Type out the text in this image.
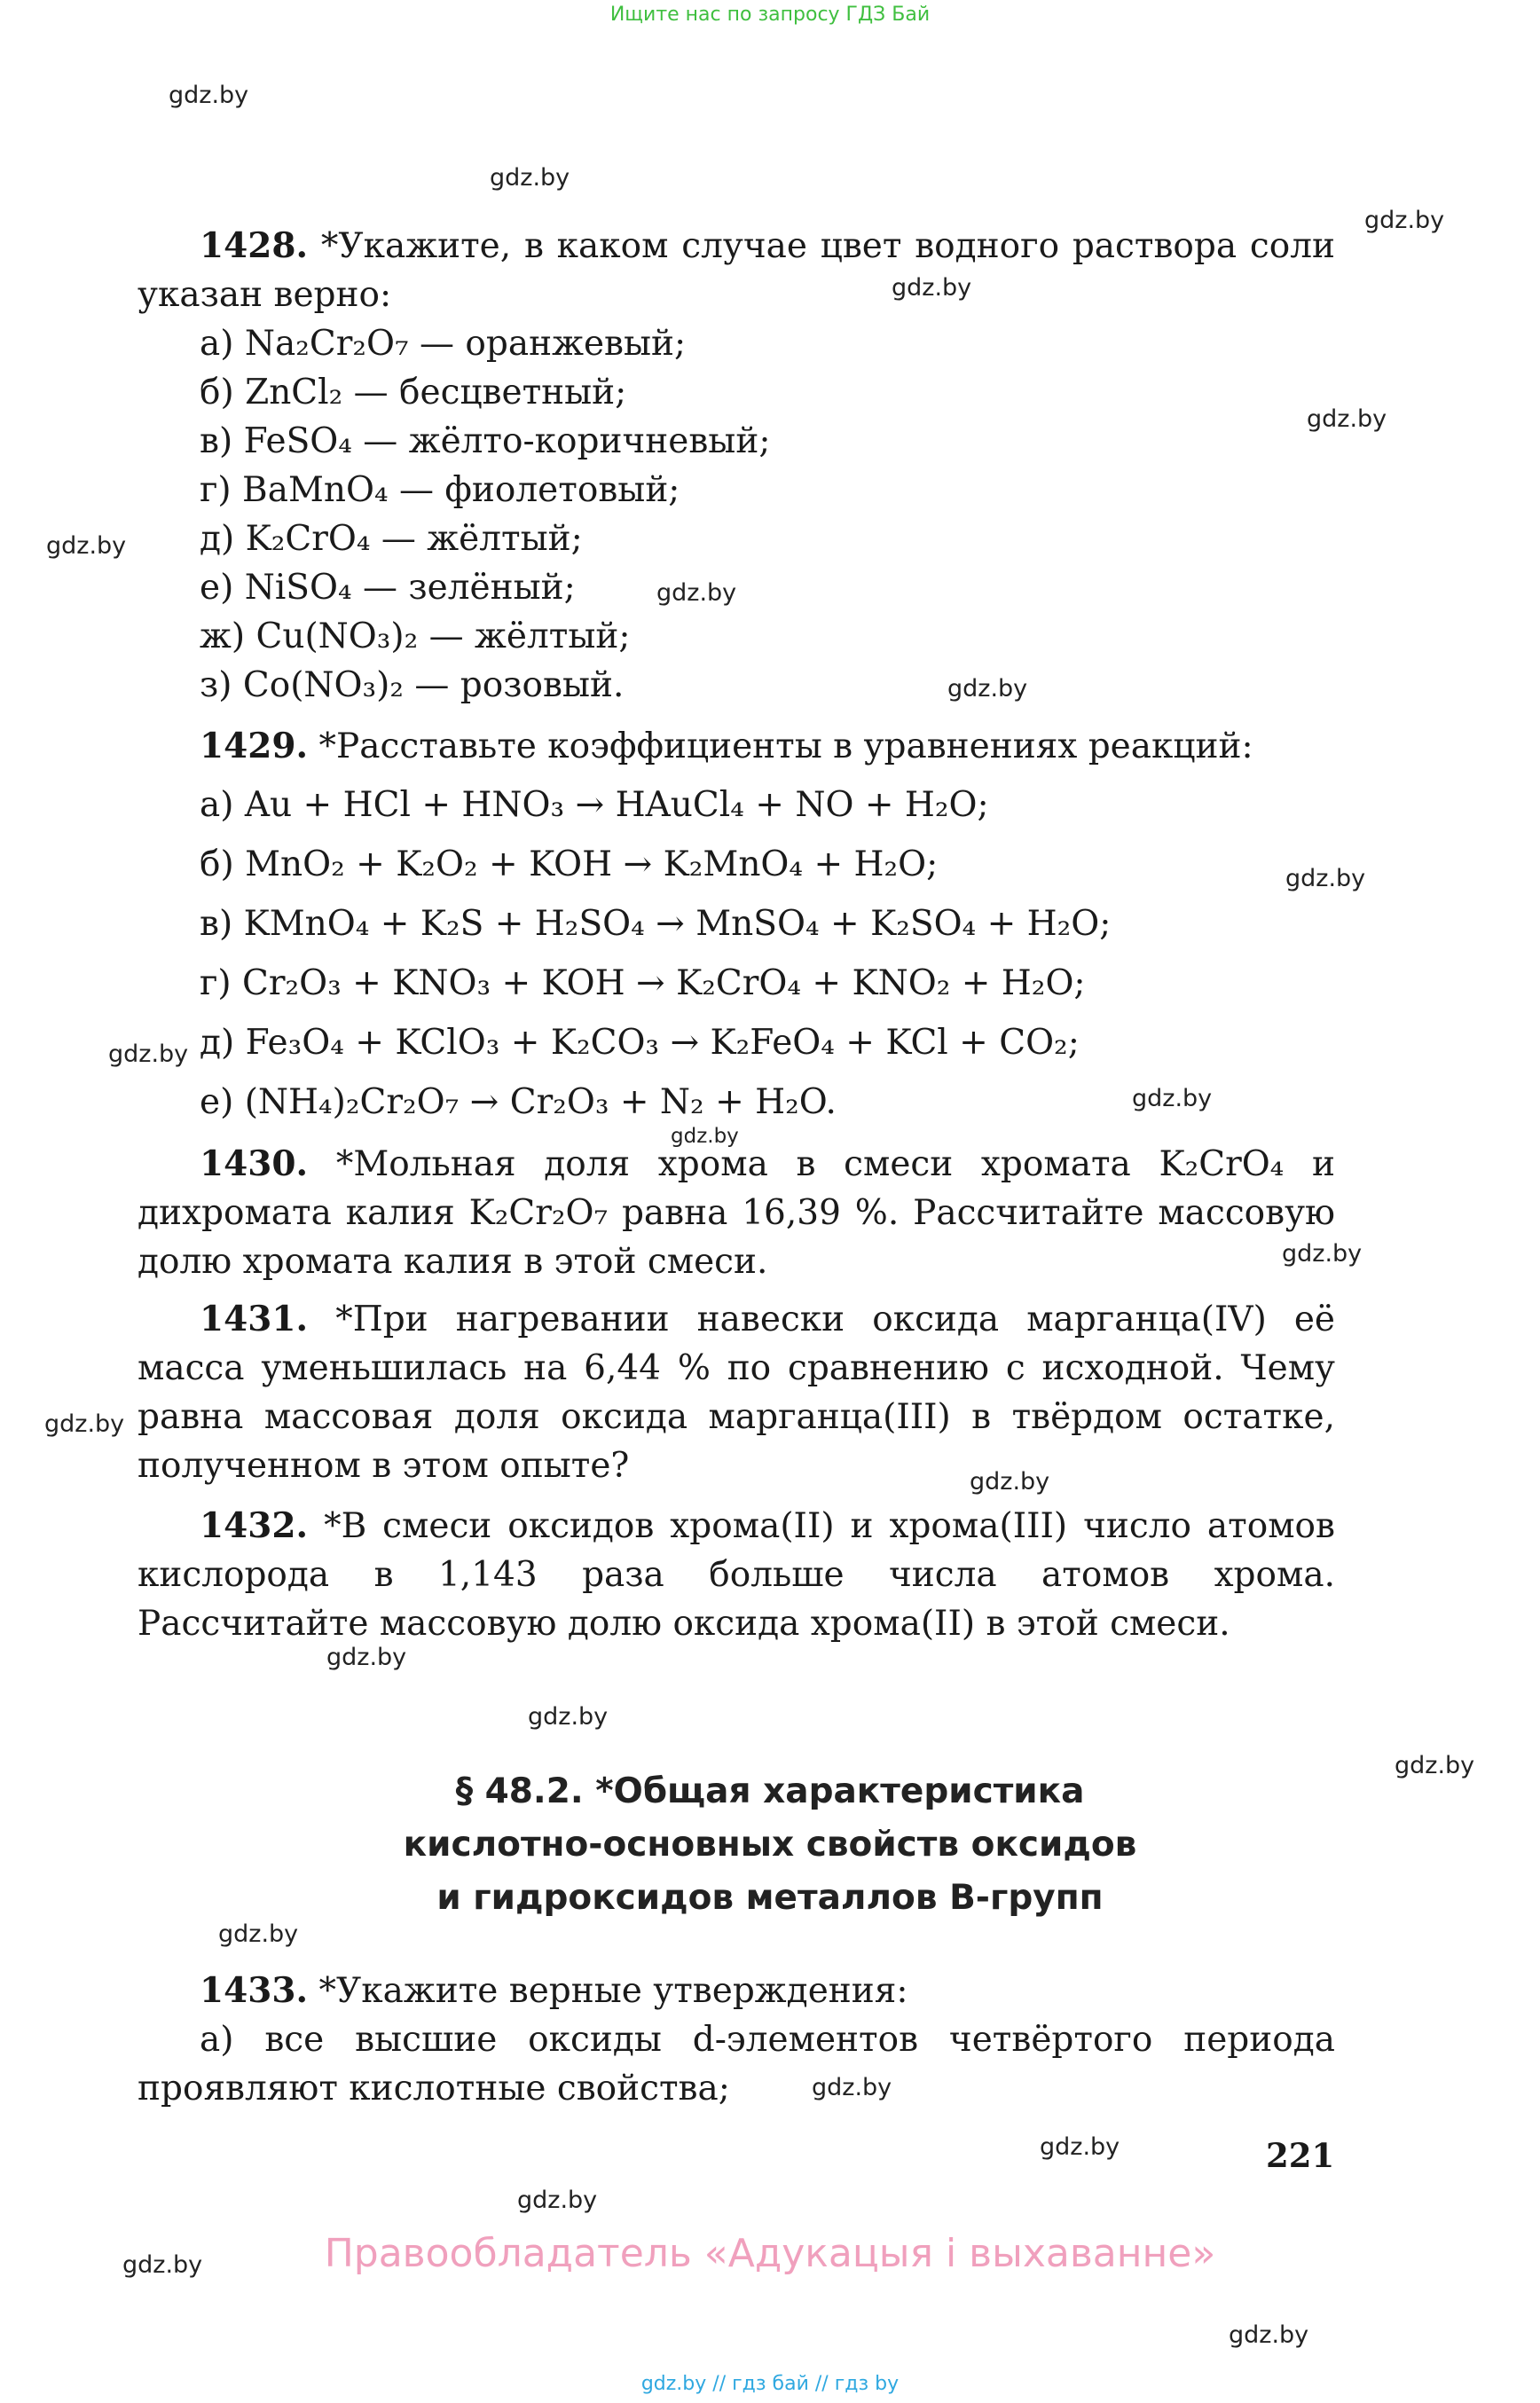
Ищите нас по запросу ГДЗ Бай
gdz.by
gdz.by
gdz.by
gdz.by
gdz.by
gdz.by
gdz.by
gdz.by
gdz.by
gdz.by
gdz.by
gdz.by
gdz.by
gdz.by
gdz.by
gdz.by
gdz.by
gdz.by
gdz.by
gdz.by
gdz.by
gdz.by
gdz.by
gdz.by
1428. *Укажите, в каком случае цвет водного раствора соли указан верно:
а) Na₂Cr₂O₇ — оранжевый;
б) ZnCl₂ — бесцветный;
в) FeSO₄ — жёлто-коричневый;
г) BaMnO₄ — фиолетовый;
д) K₂CrO₄ — жёлтый;
е) NiSO₄ — зелёный;
ж) Cu(NO₃)₂ — жёлтый;
з) Co(NO₃)₂ — розовый.
1429. *Расставьте коэффициенты в уравнениях реакций:
а) Au + HCl + HNO₃ → HAuCl₄ + NO + H₂O;
б) MnO₂ + K₂O₂ + KOH → K₂MnO₄ + H₂O;
в) KMnO₄ + K₂S + H₂SO₄ → MnSO₄ + K₂SO₄ + H₂O;
г) Cr₂O₃ + KNO₃ + KOH → K₂CrO₄ + KNO₂ + H₂O;
д) Fe₃O₄ + KClO₃ + K₂CO₃ → K₂FeO₄ + KCl + CO₂;
е) (NH₄)₂Cr₂O₇ → Cr₂O₃ + N₂ + H₂O.
1430. *Мольная доля хрома в смеси хромата K₂CrO₄ и дихромата калия K₂Cr₂O₇ равна 16,39 %. Рассчитайте массовую долю хромата калия в этой смеси.
1431. *При нагревании навески оксида марганца(IV) её масса уменьшилась на 6,44 % по сравнению с исходной. Чему равна массовая доля оксида марганца(III) в твёрдом остатке, полученном в этом опыте?
1432. *В смеси оксидов хрома(II) и хрома(III) число атомов кислорода в 1,143 раза больше числа атомов хрома. Рассчитайте массовую долю оксида хрома(II) в этой смеси.
§ 48.2. *Общая характеристика
кислотно-основных свойств оксидов
и гидроксидов металлов В-групп
1433. *Укажите верные утверждения:
а) все высшие оксиды d-элементов четвёртого периода проявляют кислотные свойства;
221
Правообладатель «Адукацыя і выхаванне»
gdz.by // гдз бай // гдз by
